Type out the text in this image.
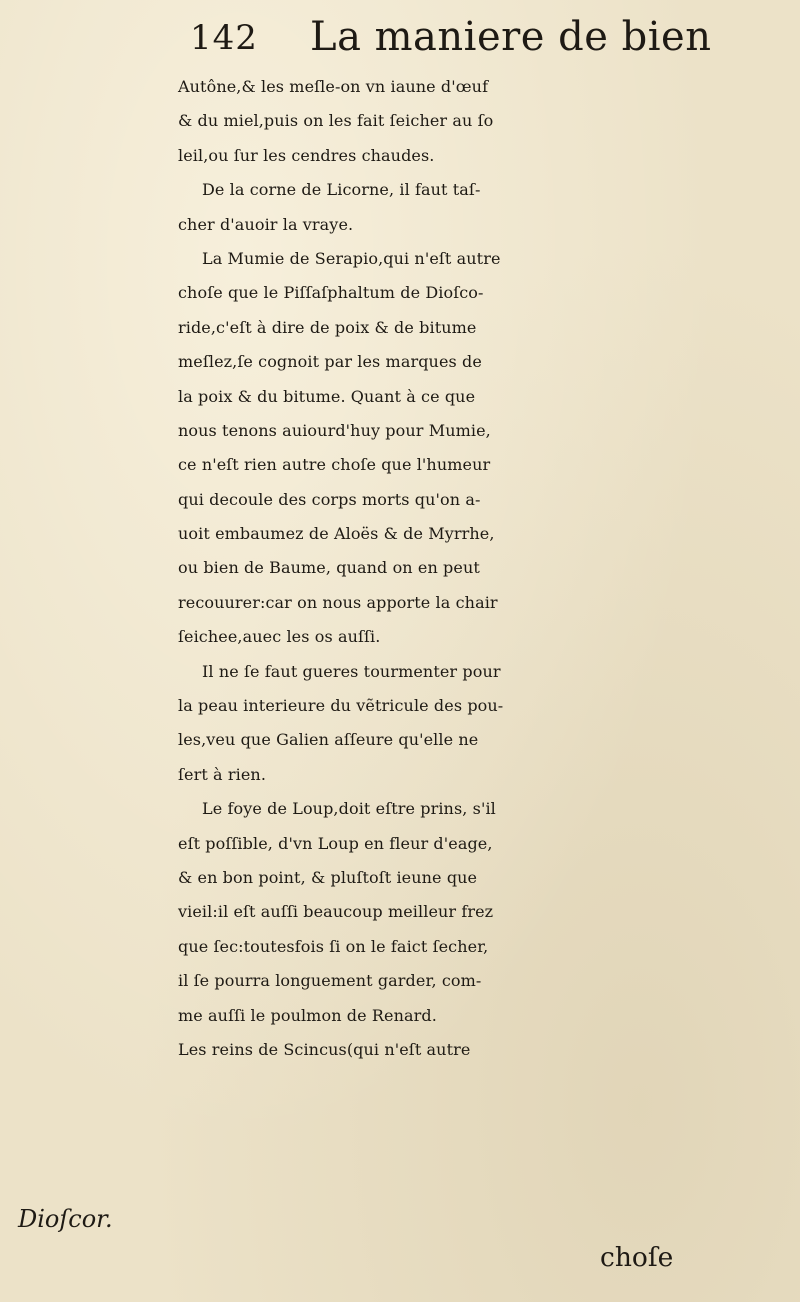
142 La maniere de bien
Autône,& les meſle-on vn iaune d'œuf
& du miel,puis on les fait ſeicher au ſo
leil,ou ſur les cendres chaudes.
De la corne de Licorne, il faut taſ-
cher d'auoir la vraye.
La Mumie de Serapio,qui n'eſt autre
choſe que le Piſſaſphaltum de Dioſco-
ride,c'eſt à dire de poix & de bitume
meſlez,ſe cognoit par les marques de
la poix & du bitume. Quant à ce que
nous tenons auiourd'huy pour Mumie,
ce n'eſt rien autre choſe que l'humeur
qui decoule des corps morts qu'on a-
uoit embaumez de Aloës & de Myrrhe,
ou bien de Baume, quand on en peut
recouurer:car on nous apporte la chair
ſeichee,auec les os auſſi.
Il ne ſe faut gueres tourmenter pour
la peau interieure du vẽtricule des pou-
les,veu que Galien aſſeure qu'elle ne
ſert à rien.
Le foye de Loup,doit eſtre prins, s'il
eſt poſſible, d'vn Loup en fleur d'eage,
& en bon point, & pluſtoſt ieune que
vieil:il eſt auſſi beaucoup meilleur frez
que ſec:toutesfois ſi on le faict ſecher,
il ſe pourra longuement garder, com-
me auſſi le poulmon de Renard.
Les reins de Scincus(qui n'eſt autre
Dioſcor.
choſe
